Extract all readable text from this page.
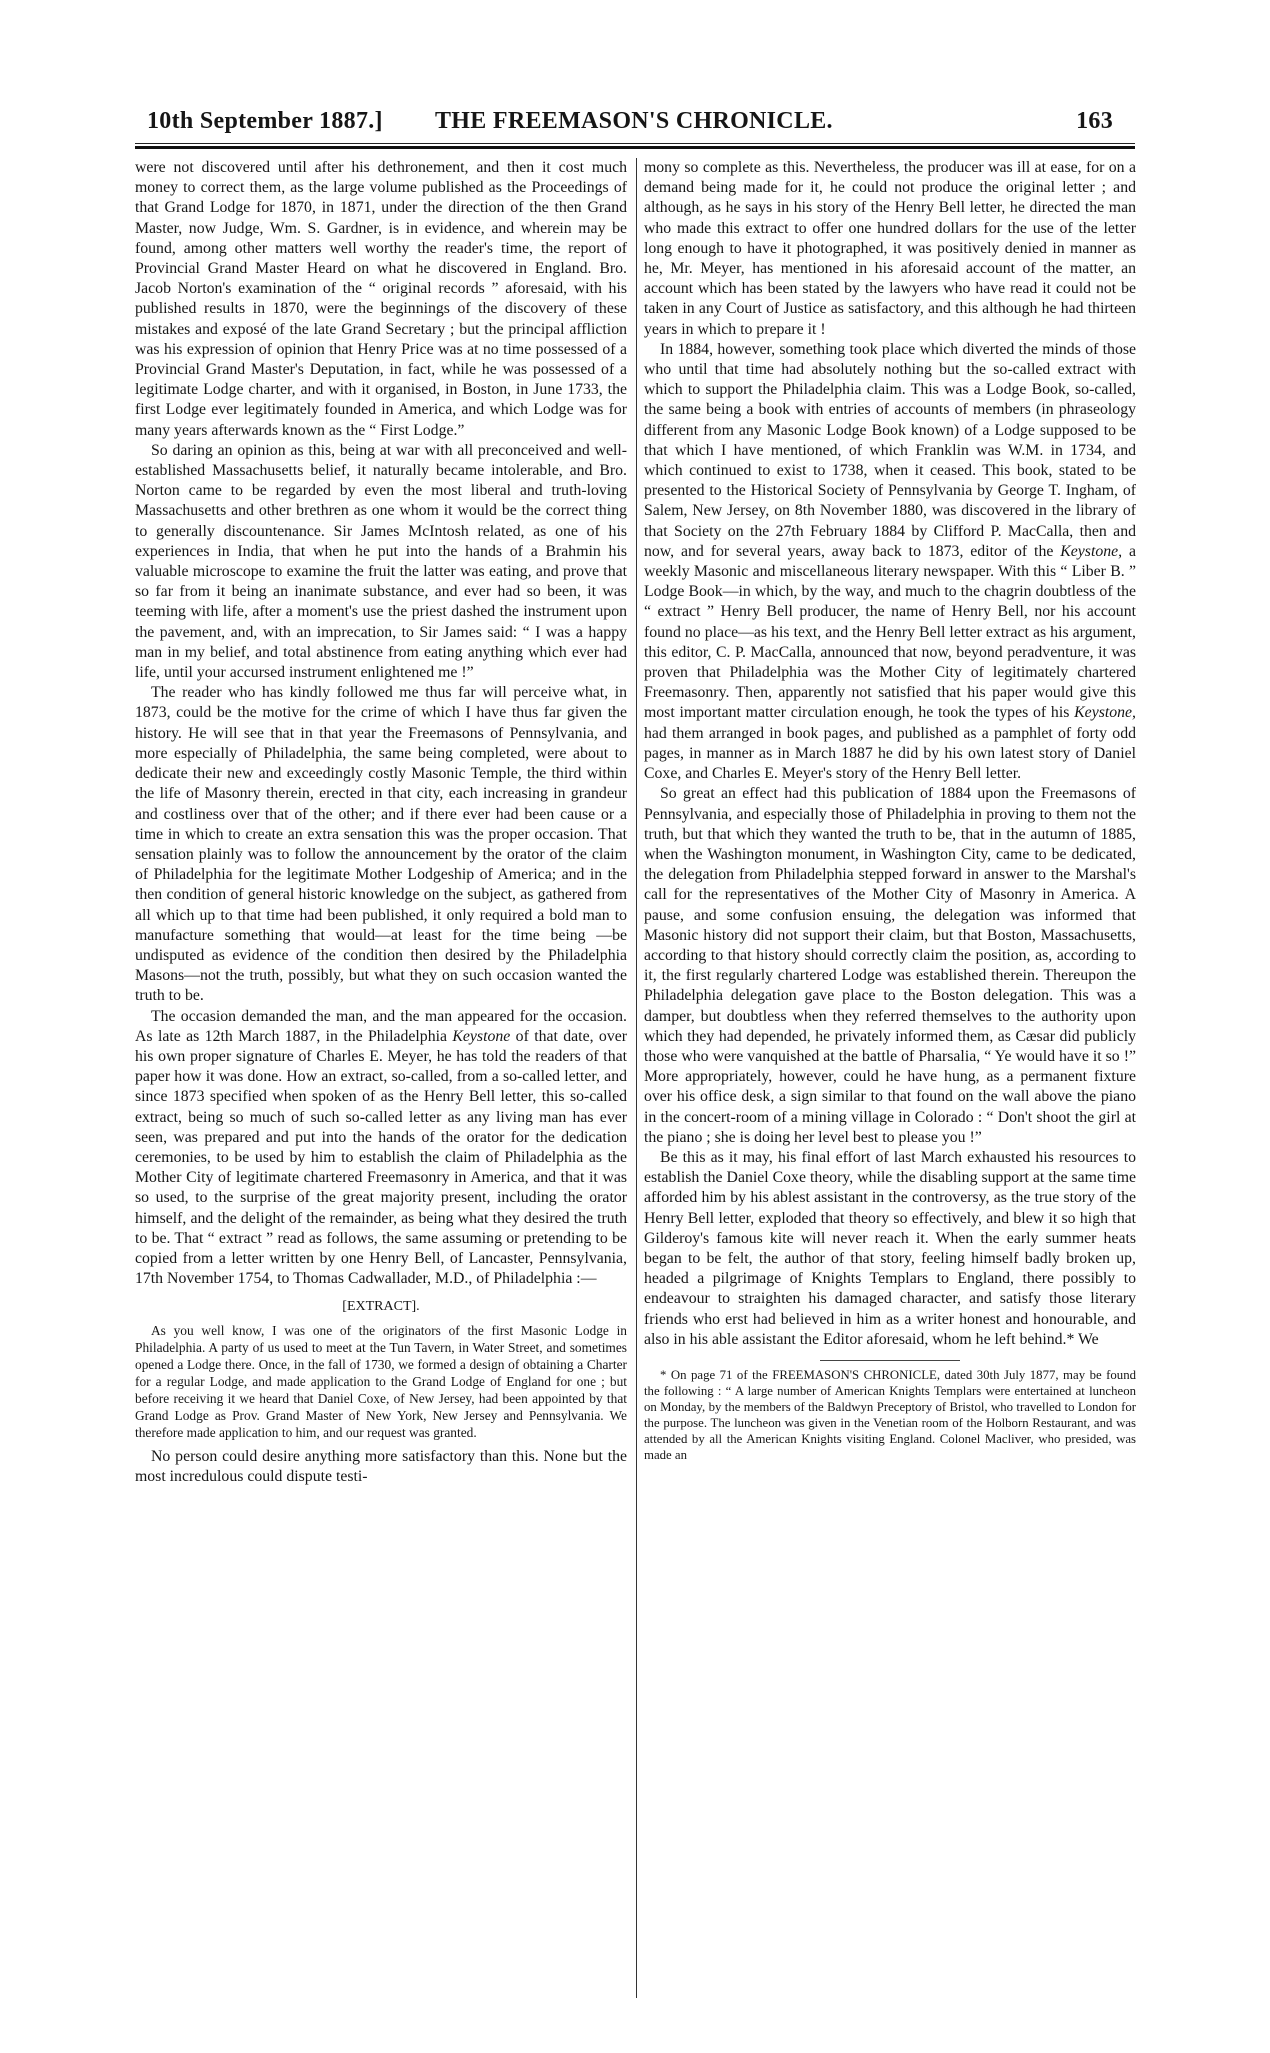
10th September 1887.] THE FREEMASON'S CHRONICLE.	163

were not discovered until after his dethronement, and then it cost much money to correct them, as the large volume published as the Proceedings of that Grand Lodge for 1870, in 1871, under the direction of the then Grand Master, now Judge, Wm. S. Gardner, is in evidence, and wherein may be found, among other matters well worthy the reader's time, the report of Provincial Grand Master Heard on what he discovered in England. Bro. Jacob Norton's examination of the “ original records ” aforesaid, with his published results in 1870, were the beginnings of the discovery of these mistakes and exposé of the late Grand Secretary ; but the principal affliction was his expression of opinion that Henry Price was at no time possessed of a Provincial Grand Master's Deputation, in fact, while he was possessed of a legitimate Lodge charter, and with it organised, in Boston, in June 1733, the first Lodge ever legitimately founded in America, and which Lodge was for many years afterwards known as the “ First Lodge.”

So daring an opinion as this, being at war with all preconceived and well-established Massachusetts belief, it naturally became intolerable, and Bro. Norton came to be regarded by even the most liberal and truth-loving Massachusetts and other brethren as one whom it would be the correct thing to generally discountenance. Sir James McIntosh related, as one of his experiences in India, that when he put into the hands of a Brahmin his valuable microscope to examine the fruit the latter was eating, and prove that so far from it being an inanimate substance, and ever had so been, it was teeming with life, after a moment's use the priest dashed the instrument upon the pavement, and, with an imprecation, to Sir James said: “ I was a happy man in my belief, and total abstinence from eating anything which ever had life, until your accursed instrument enlightened me !”

The reader who has kindly followed me thus far will perceive what, in 1873, could be the motive for the crime of which I have thus far given the history. He will see that in that year the Freemasons of Pennsylvania, and more especially of Philadelphia, the same being completed, were about to dedicate their new and exceedingly costly Masonic Temple, the third within the life of Masonry therein, erected in that city, each increasing in grandeur and costliness over that of the other; and if there ever had been cause or a time in which to create an extra sensation this was the proper occasion. That sensation plainly was to follow the announcement by the orator of the claim of Philadelphia for the legitimate Mother Lodgeship of America; and in the then condition of general historic knowledge on the subject, as gathered from all which up to that time had been published, it only required a bold man to manufacture something that would—at least for the time being —be undisputed as evidence of the condition then desired by the Philadelphia Masons—not the truth, possibly, but what they on such occasion wanted the truth to be.

The occasion demanded the man, and the man appeared for the occasion. As late as 12th March 1887, in the Philadelphia Keystone of that date, over his own proper signature of Charles E. Meyer, he has told the readers of that paper how it was done. How an extract, so-called, from a so-called letter, and since 1873 specified when spoken of as the Henry Bell letter, this so-called extract, being so much of such so-called letter as any living man has ever seen, was prepared and put into the hands of the orator for the dedication ceremonies, to be used by him to establish the claim of Philadelphia as the Mother City of legitimate chartered Freemasonry in America, and that it was so used, to the surprise of the great majority present, including the orator himself, and the delight of the remainder, as being what they desired the truth to be. That “ extract ” read as follows, the same assuming or pretending to be copied from a letter written by one Henry Bell, of Lancaster, Pennsylvania, 17th November 1754, to Thomas Cadwallader, M.D., of Philadelphia :—

[EXTRACT].

As you well know, I was one of the originators of the first Masonic Lodge in Philadelphia. A party of us used to meet at the Tun Tavern, in Water Street, and sometimes opened a Lodge there. Once, in the fall of 1730, we formed a design of obtaining a Charter for a regular Lodge, and made application to the Grand Lodge of England for one ; but before receiving it we heard that Daniel Coxe, of New Jersey, had been appointed by that Grand Lodge as Prov. Grand Master of New York, New Jersey and Pennsylvania. We therefore made application to him, and our request was granted.

No person could desire anything more satisfactory than this. None but the most incredulous could dispute testi-

mony so complete as this. Nevertheless, the producer was ill at ease, for on a demand being made for it, he could not produce the original letter ; and although, as he says in his story of the Henry Bell letter, he directed the man who made this extract to offer one hundred dollars for the use of the letter long enough to have it photographed, it was positively denied in manner as he, Mr. Meyer, has mentioned in his aforesaid account of the matter, an account which has been stated by the lawyers who have read it could not be taken in any Court of Justice as satisfactory, and this although he had thirteen years in which to prepare it !

In 1884, however, something took place which diverted the minds of those who until that time had absolutely nothing but the so-called extract with which to support the Philadelphia claim. This was a Lodge Book, so-called, the same being a book with entries of accounts of members (in phraseology different from any Masonic Lodge Book known) of a Lodge supposed to be that which I have mentioned, of which Franklin was W.M. in 1734, and which continued to exist to 1738, when it ceased. This book, stated to be presented to the Historical Society of Pennsylvania by George T. Ingham, of Salem, New Jersey, on 8th November 1880, was discovered in the library of that Society on the 27th February 1884 by Clifford P. MacCalla, then and now, and for several years, away back to 1873, editor of the Keystone, a weekly Masonic and miscellaneous literary newspaper. With this “ Liber B. ” Lodge Book—in which, by the way, and much to the chagrin doubtless of the “ extract ” Henry Bell producer, the name of Henry Bell, nor his account found no place—as his text, and the Henry Bell letter extract as his argument, this editor, C. P. MacCalla, announced that now, beyond peradventure, it was proven that Philadelphia was the Mother City of legitimately chartered Freemasonry. Then, apparently not satisfied that his paper would give this most important matter circulation enough, he took the types of his Keystone, had them arranged in book pages, and published as a pamphlet of forty odd pages, in manner as in March 1887 he did by his own latest story of Daniel Coxe, and Charles E. Meyer's story of the Henry Bell letter.

So great an effect had this publication of 1884 upon the Freemasons of Pennsylvania, and especially those of Philadelphia in proving to them not the truth, but that which they wanted the truth to be, that in the autumn of 1885, when the Washington monument, in Washington City, came to be dedicated, the delegation from Philadelphia stepped forward in answer to the Marshal's call for the representatives of the Mother City of Masonry in America. A pause, and some confusion ensuing, the delegation was informed that Masonic history did not support their claim, but that Boston, Massachusetts, according to that history should correctly claim the position, as, according to it, the first regularly chartered Lodge was established therein. Thereupon the Philadelphia delegation gave place to the Boston delegation. This was a damper, but doubtless when they referred themselves to the authority upon which they had depended, he privately informed them, as Cæsar did publicly those who were vanquished at the battle of Pharsalia, “ Ye would have it so !” More appropriately, however, could he have hung, as a permanent fixture over his office desk, a sign similar to that found on the wall above the piano in the concert-room of a mining village in Colorado : “ Don't shoot the girl at the piano ; she is doing her level best to please you !”

Be this as it may, his final effort of last March exhausted his resources to establish the Daniel Coxe theory, while the disabling support at the same time afforded him by his ablest assistant in the controversy, as the true story of the Henry Bell letter, exploded that theory so effectively, and blew it so high that Gilderoy's famous kite will never reach it. When the early summer heats began to be felt, the author of that story, feeling himself badly broken up, headed a pilgrimage of Knights Templars to England, there possibly to endeavour to straighten his damaged character, and satisfy those literary friends who erst had believed in him as a writer honest and honourable, and also in his able assistant the Editor aforesaid, whom he left behind.* We

* On page 71 of the FREEMASON'S CHRONICLE, dated 30th July 1877, may be found the following : “ A large number of American Knights Templars were entertained at luncheon on Monday, by the members of the Baldwyn Preceptory of Bristol, who travelled to London for the purpose. The luncheon was given in the Venetian room of the Holborn Restaurant, and was attended by all the American Knights visiting England. Colonel Macliver, who presided, was made an
